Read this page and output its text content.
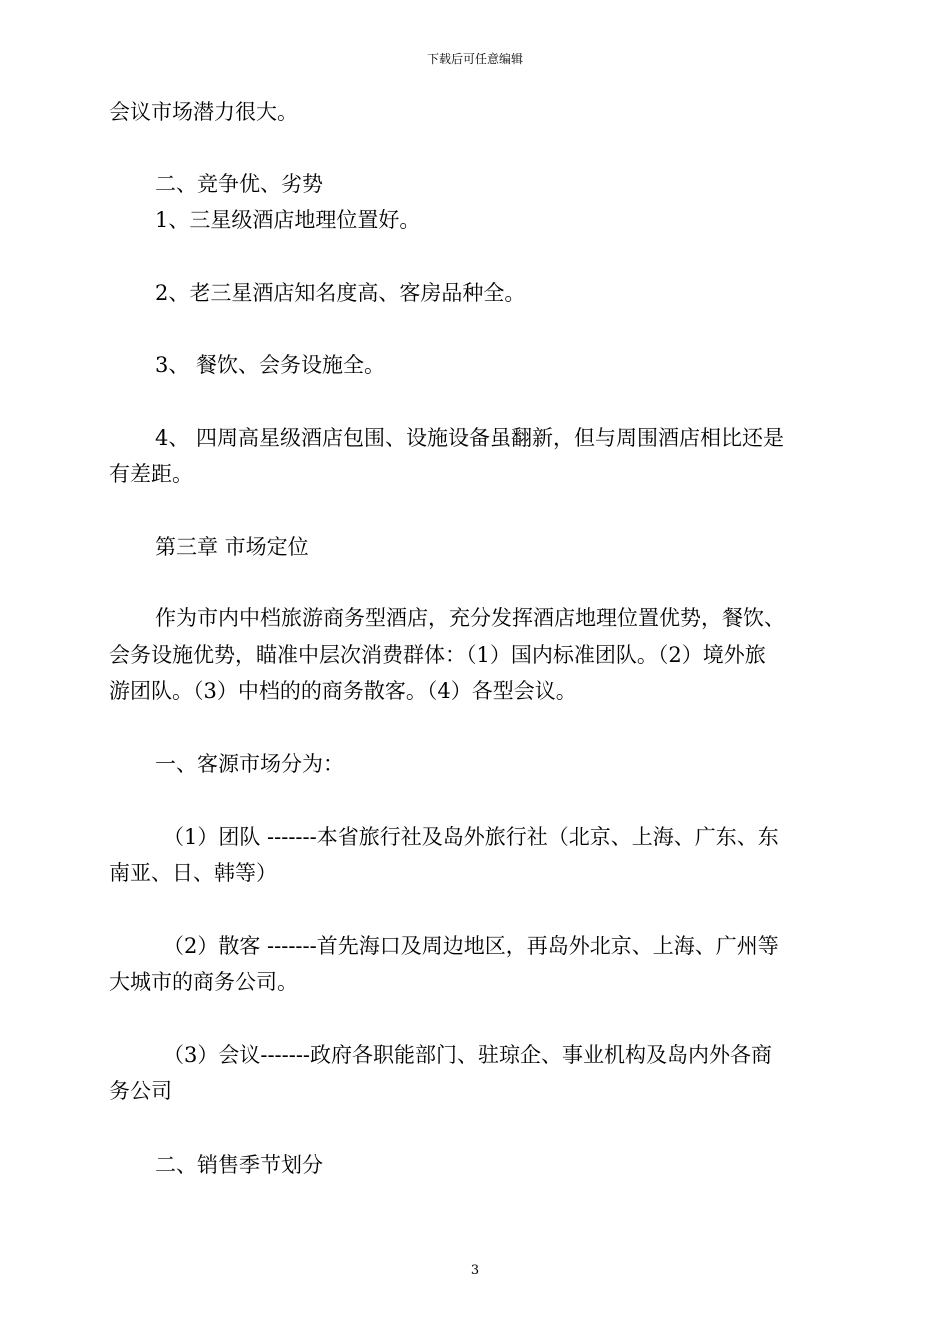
下载后可任意编辑

会议市场潜力很大。

二、竞争优、劣势

1、三星级酒店地理位置好。

2、老三星酒店知名度高、客房品种全。

3、 餐饮、会务设施全。

4、 四周高星级酒店包围、设施设备虽翻新，但与周围酒店相比还是

有差距。

第三章 市场定位

作为市内中档旅游商务型酒店，充分发挥酒店地理位置优势，餐饮、

会务设施优势，瞄准中层次消费群体：（1）国内标准团队。（2）境外旅

游团队。（3）中档的的商务散客。（4）各型会议。

一、客源市场分为：

（1）团队 -------本省旅行社及岛外旅行社（北京、上海、广东、东

南亚、日、韩等）

（2）散客 -------首先海口及周边地区，再岛外北京、上海、广州等

大城市的商务公司。

（3）会议-------政府各职能部门、驻琼企、事业机构及岛内外各商

务公司

二、销售季节划分

3
